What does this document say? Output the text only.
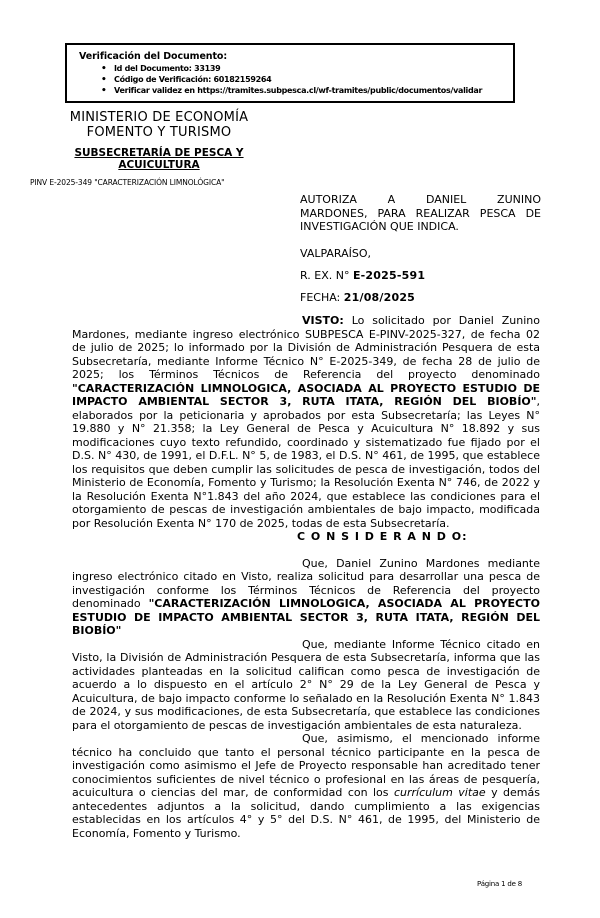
Verificación del Documento:
• Id del Documento: 33139
• Código de Verificación: 60182159264
• Verificar validez en https://tramites.subpesca.cl/wf-tramites/public/documentos/validar
MINISTERIO DE ECONOMÍA
FOMENTO Y TURISMO
SUBSECRETARÍA DE PESCA Y
ACUICULTURA
PINV E-2025-349 "CARACTERIZACIÓN LIMNOLÓGICA"
AUTORIZA A DANIEL ZUNINO
MARDONES, PARA REALIZAR PESCA DE
INVESTIGACIÓN QUE INDICA.
VALPARAÍSO,
R. EX. N° E-2025-591
FECHA: 21/08/2025

VISTO: Lo solicitado por Daniel Zunino Mardones, mediante ingreso electrónico SUBPESCA E-PINV-2025-327, de fecha 02 de julio de 2025; lo informado por la División de Administración Pesquera de esta Subsecretaría, mediante Informe Técnico N° E-2025-349, de fecha 28 de julio de 2025; los Términos Técnicos de Referencia del proyecto denominado "CARACTERIZACIÓN LIMNOLOGICA, ASOCIADA AL PROYECTO ESTUDIO DE IMPACTO AMBIENTAL SECTOR 3, RUTA ITATA, REGIÓN DEL BIOBÍO", elaborados por la peticionaria y aprobados por esta Subsecretaría; las Leyes N° 19.880 y N° 21.358; la Ley General de Pesca y Acuicultura N° 18.892 y sus modificaciones cuyo texto refundido, coordinado y sistematizado fue fijado por el D.S. N° 430, de 1991, el D.F.L. N° 5, de 1983, el D.S. N° 461, de 1995, que establece los requisitos que deben cumplir las solicitudes de pesca de investigación, todos del Ministerio de Economía, Fomento y Turismo; la Resolución Exenta N° 746, de 2022 y la Resolución Exenta N°1.843 del año 2024, que establece las condiciones para el otorgamiento de pescas de investigación ambientales de bajo impacto, modificada por Resolución Exenta N° 170 de 2025, todas de esta Subsecretaría.

C O N S I D E R A N D O:

Que, Daniel Zunino Mardones mediante ingreso electrónico citado en Visto, realiza solicitud para desarrollar una pesca de investigación conforme los Términos Técnicos de Referencia del proyecto denominado "CARACTERIZACIÓN LIMNOLOGICA, ASOCIADA AL PROYECTO ESTUDIO DE IMPACTO AMBIENTAL SECTOR 3, RUTA ITATA, REGIÓN DEL BIOBÍO"

Que, mediante Informe Técnico citado en Visto, la División de Administración Pesquera de esta Subsecretaría, informa que las actividades planteadas en la solicitud califican como pesca de investigación de acuerdo a lo dispuesto en el artículo 2° N° 29 de la Ley General de Pesca y Acuicultura, de bajo impacto conforme lo señalado en la Resolución Exenta N° 1.843 de 2024, y sus modificaciones, de esta Subsecretaría, que establece las condiciones para el otorgamiento de pescas de investigación ambientales de esta naturaleza.

Que, asimismo, el mencionado informe técnico ha concluido que tanto el personal técnico participante en la pesca de investigación como asimismo el Jefe de Proyecto responsable han acreditado tener conocimientos suficientes de nivel técnico o profesional en las áreas de pesquería, acuicultura o ciencias del mar, de conformidad con los currículum vitae y demás antecedentes adjuntos a la solicitud, dando cumplimiento a las exigencias establecidas en los artículos 4° y 5° del D.S. N° 461, de 1995, del Ministerio de Economía, Fomento y Turismo.

Página 1 de 8
